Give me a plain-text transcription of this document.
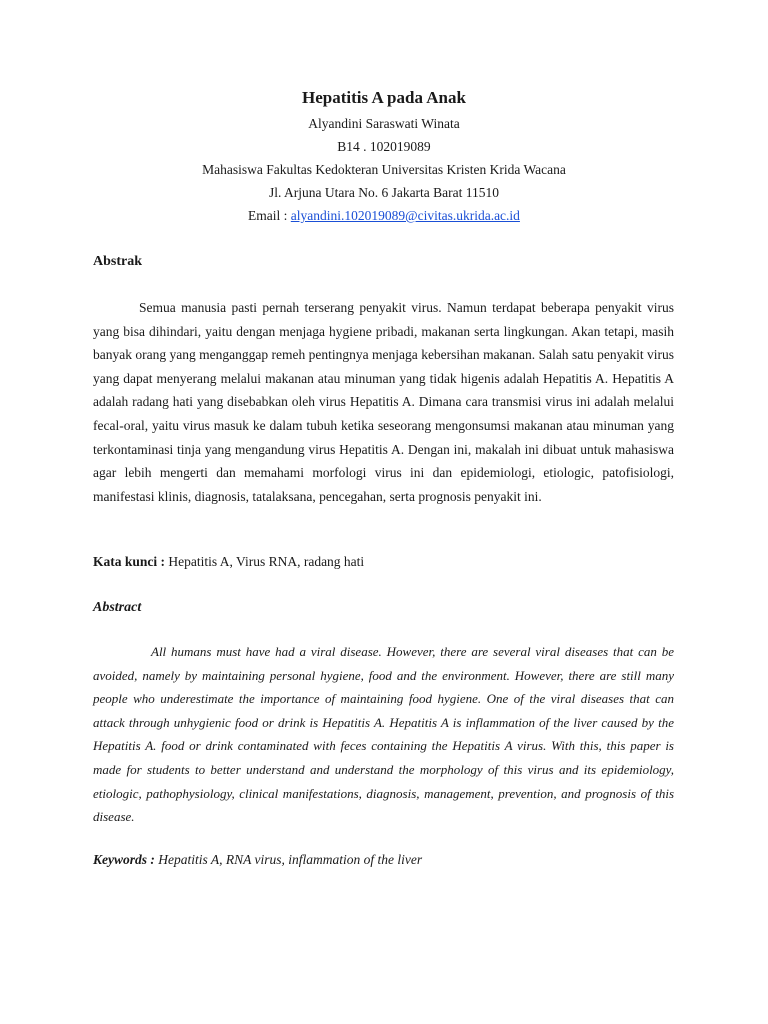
Hepatitis A pada Anak
Alyandini Saraswati Winata
B14 . 102019089
Mahasiswa Fakultas Kedokteran Universitas Kristen Krida Wacana
Jl. Arjuna Utara No. 6 Jakarta Barat 11510
Email : alyandini.102019089@civitas.ukrida.ac.id
Abstrak

Semua manusia pasti pernah terserang penyakit virus. Namun terdapat beberapa penyakit virus yang bisa dihindari, yaitu dengan menjaga hygiene pribadi, makanan serta lingkungan. Akan tetapi, masih banyak orang yang menganggap remeh pentingnya menjaga kebersihan makanan. Salah satu penyakit virus yang dapat menyerang melalui makanan atau minuman yang tidak higenis adalah Hepatitis A. Hepatitis A adalah radang hati yang disebabkan oleh virus Hepatitis A. Dimana cara transmisi virus ini adalah melalui fecal-oral, yaitu virus masuk ke dalam tubuh ketika seseorang mengonsumsi makanan atau minuman yang terkontaminasi tinja yang mengandung virus Hepatitis A. Dengan ini, makalah ini dibuat untuk mahasiswa agar lebih mengerti dan memahami morfologi virus ini dan epidemiologi, etiologic, patofisiologi, manifestasi klinis, diagnosis, tatalaksana, pencegahan, serta prognosis penyakit ini.

Kata kunci : Hepatitis A, Virus RNA, radang hati
Abstract

All humans must have had a viral disease. However, there are several viral diseases that can be avoided, namely by maintaining personal hygiene, food and the environment. However, there are still many people who underestimate the importance of maintaining food hygiene. One of the viral diseases that can attack through unhygienic food or drink is Hepatitis A. Hepatitis A is inflammation of the liver caused by the Hepatitis A. food or drink contaminated with feces containing the Hepatitis A virus. With this, this paper is made for students to better understand and understand the morphology of this virus and its epidemiology, etiologic, pathophysiology, clinical manifestations, diagnosis, management, prevention, and prognosis of this disease.

Keywords : Hepatitis A, RNA virus, inflammation of the liver
